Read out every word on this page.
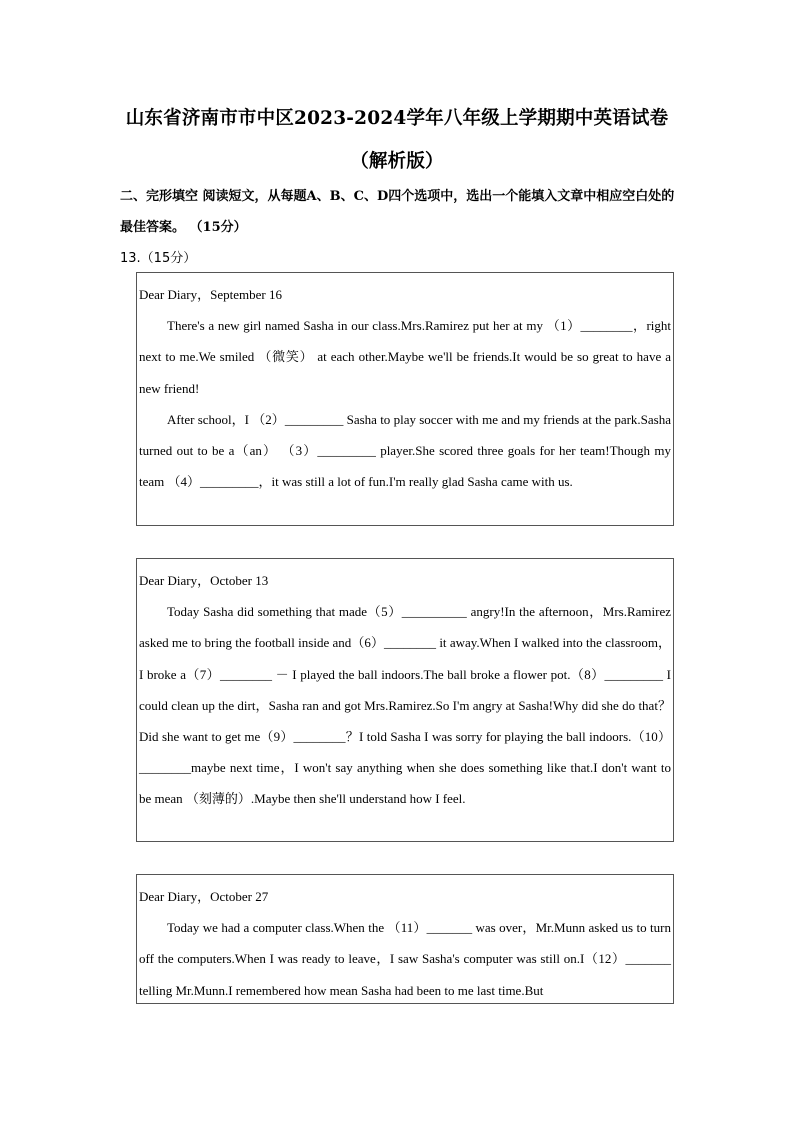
山东省济南市市中区2023-2024学年八年级上学期期中英语试卷
（解析版）
二、完形填空 阅读短文，从每题A、B、C、D四个选项中，选出一个能填入文章中相应空白处的最佳答案。 （15分）
13.（15分）
Dear Diary，September 16

There's a new girl named Sasha in our class.Mrs.Ramirez put her at my （1）________，right next to me.We smiled （微笑） at each other.Maybe we'll be friends.It would be so great to have a new friend!

After school，I （2）_________ Sasha to play soccer with me and my friends at the park.Sasha turned out to be a（an） （3）_________ player.She scored three goals for her team!Though my team （4）_________，it was still a lot of fun.I'm really glad Sasha came with us.

Dear Diary，October 13

Today Sasha did something that made（5）__________ angry!In the afternoon，Mrs.Ramirez asked me to bring the football inside and（6）________ it away.When I walked into the classroom，I broke a（7）________ － I played the ball indoors.The ball broke a flower pot.（8）_________ I could clean up the dirt，Sasha ran and got Mrs.Ramirez.So I'm angry at Sasha!Why did she do that？Did she want to get me（9）________？I told Sasha I was sorry for playing the ball indoors.（10）________maybe next time，I won't say anything when she does something like that.I don't want to be mean （刻薄的）.Maybe then she'll understand how I feel.

Dear Diary，October 27

Today we had a computer class.When the （11）_______ was over，Mr.Munn asked us to turn off the computers.When I was ready to leave，I saw Sasha's computer was still on.I（12）_______ telling Mr.Munn.I remembered how mean Sasha had been to me last time.But
